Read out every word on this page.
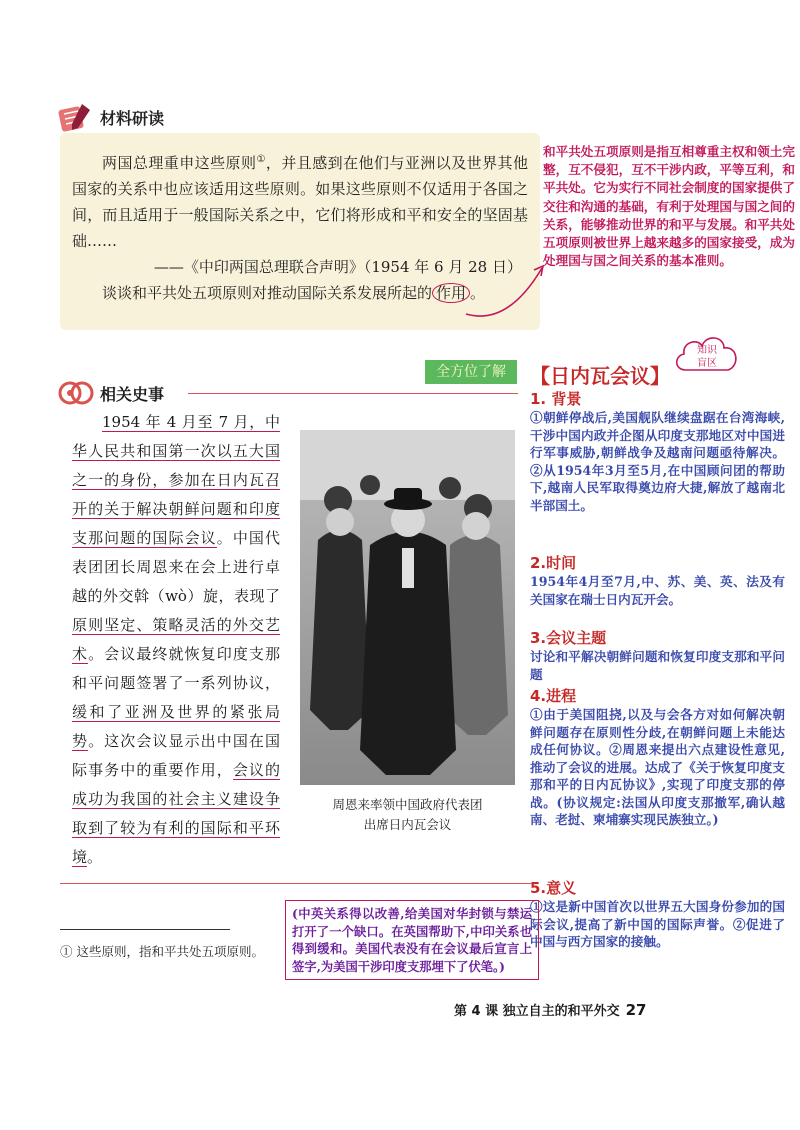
材料研读

两国总理重申这些原则①，并且感到在他们与亚洲以及世界其他国家的关系中也应该适用这些原则。如果这些原则不仅适用于各国之间，而且适用于一般国际关系之中，它们将形成和平和安全的坚固基础……

——《中印两国总理联合声明》（1954 年 6 月 28 日）

谈谈和平共处五项原则对推动国际关系发展所起的 作用 。

和平共处五项原则是指互相尊重主权和领土完整，互不侵犯，互不干涉内政，平等互利，和平共处。它为实行不同社会制度的国家提供了交往和沟通的基础，有利于处理国与国之间的关系，能够推动世界的和平与发展。和平共处五项原则被世界上越来越多的国家接受，成为处理国与国之间关系的基本准则。
全方位了解
相关史事

1954 年 4 月至 7 月，中华人民共和国第一次以五大国之一的身份，参加在日内瓦召开的关于解决朝鲜问题和印度支那问题的国际会议。中国代表团团长周恩来在会上进行卓越的外交斡（wò）旋，表现了原则坚定、策略灵活的外交艺术。会议最终就恢复印度支那和平问题签署了一系列协议，缓和了亚洲及世界的紧张局势。这次会议显示出中国在国际事务中的重要作用，会议的成功为我国的社会主义建设争取到了较为有利的国际和平环境。

周恩来率领中国政府代表团
出席日内瓦会议
【日内瓦会议】
知识
盲区
1. 背景

①朝鲜停战后,美国舰队继续盘踞在台湾海峡,干涉中国内政并企图从印度支那地区对中国进行军事威胁,朝鲜战争及越南问题亟待解决。②从1954年3月至5月,在中国顾问团的帮助下,越南人民军取得奠边府大捷,解放了越南北半部国土。

2.时间

1954年4月至7月,中、苏、美、英、法及有关国家在瑞士日内瓦开会。

3.会议主题

讨论和平解决朝鲜问题和恢复印度支那和平问题

4.进程

①由于美国阻挠,以及与会各方对如何解决朝鲜问题存在原则性分歧,在朝鲜问题上未能达成任何协议。②周恩来提出六点建设性意见,推动了会议的进展。达成了《关于恢复印度支那和平的日内瓦协议》,实现了印度支那的停战。(协议规定:法国从印度支那撤军,确认越南、老挝、柬埔寨实现民族独立。)

5.意义

①这是新中国首次以世界五大国身份参加的国际会议,提高了新中国的国际声誉。②促进了中国与西方国家的接触。

① 这些原则，指和平共处五项原则。
(中英关系得以改善,给美国对华封锁与禁运打开了一个缺口。在英国帮助下,中印关系也得到缓和。美国代表没有在会议最后宣言上签字,为美国干涉印度支那埋下了伏笔。)
第 4 课 独立自主的和平外交 27
